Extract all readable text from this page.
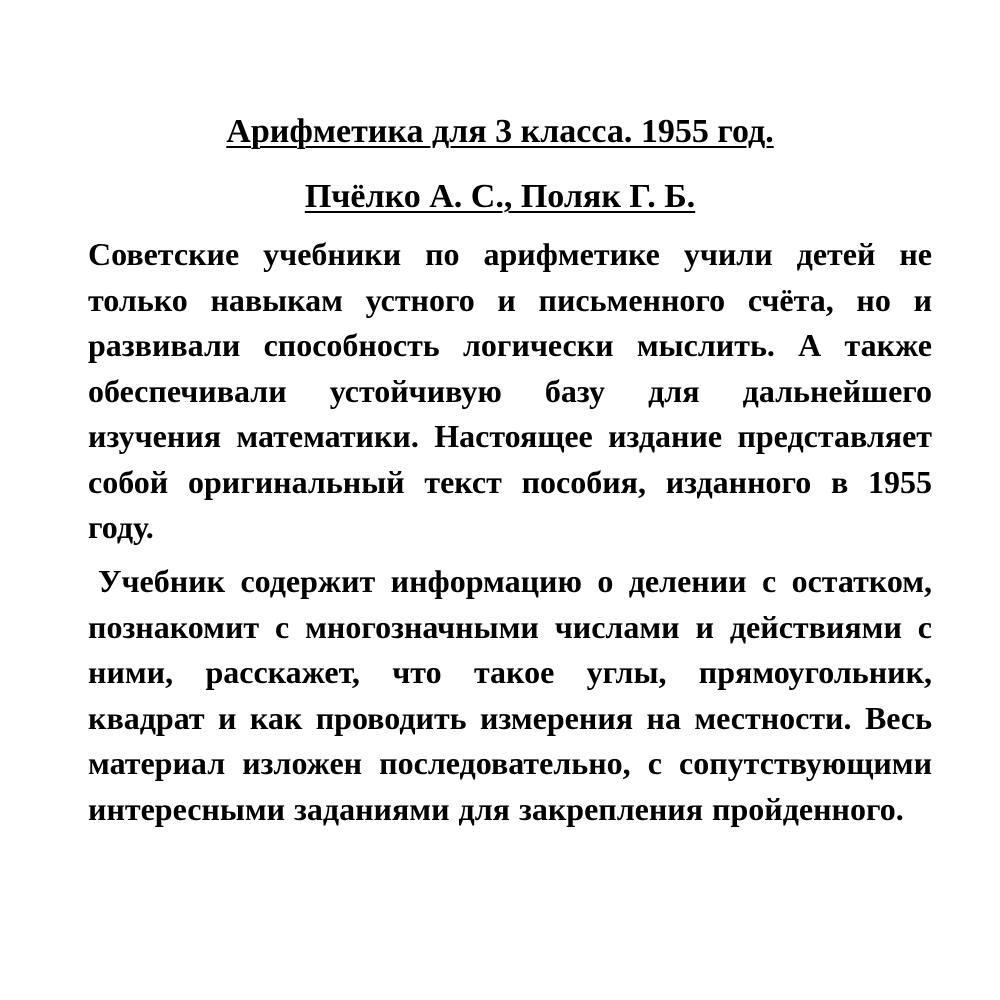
Арифметика для 3 класса. 1955 год.
Пчёлко А. С., Поляк Г. Б.

Советские учебники по арифметике учили детей не только навыкам устного и письменного счёта, но и развивали способность логически мыслить. А также обеспечивали устойчивую базу для дальнейшего изучения математики. Настоящее издание представляет собой оригинальный текст пособия, изданного в 1955 году.

Учебник содержит информацию о делении с остатком, познакомит с многозначными числами и действиями с ними, расскажет, что такое углы, прямоугольник, квадрат и как проводить измерения на местности. Весь материал изложен последовательно, с сопутствующими интересными заданиями для закрепления пройденного.
